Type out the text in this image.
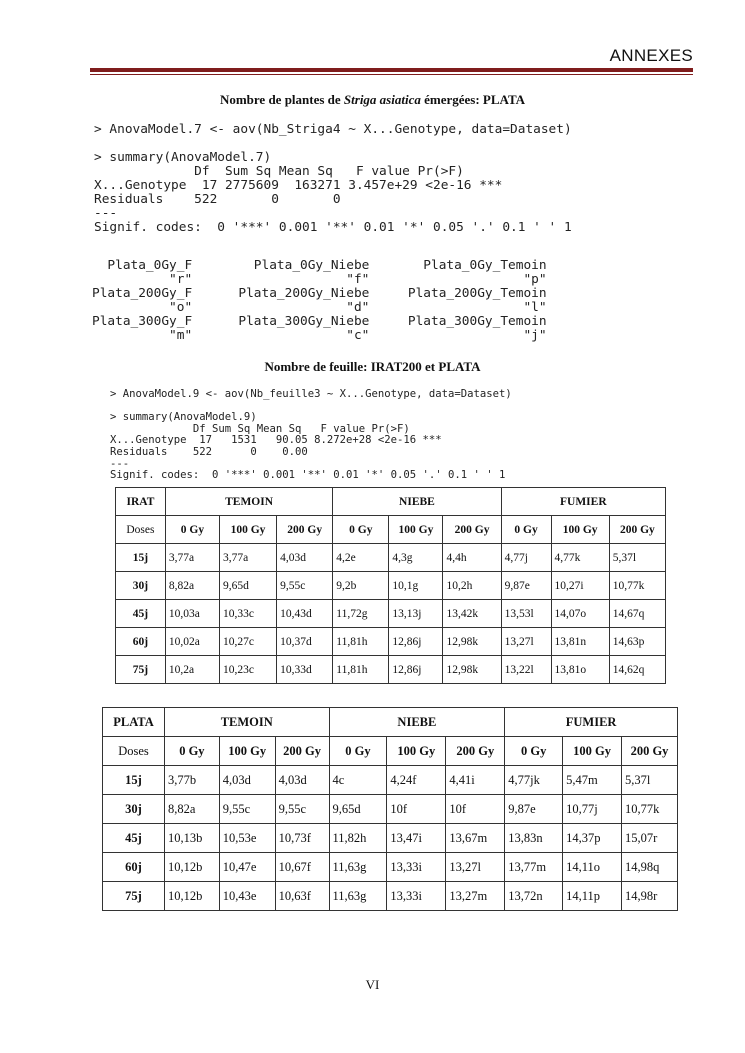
ANNEXES
Nombre de plantes de Striga asiatica émergées: PLATA
> AnovaModel.7 <- aov(Nb_Striga4 ~ X...Genotype, data=Dataset)

> summary(AnovaModel.7)
Df  Sum Sq Mean Sq   F value Pr(>F)
X...Genotype  17 2775609  163271 3.457e+29 <2e-16 ***
Residuals    522       0       0
---
Signif. codes:  0 '***' 0.001 '**' 0.01 '*' 0.05 '.' 0.1 ' ' 1
Plata_0Gy_F        Plata_0Gy_Niebe       Plata_0Gy_Temoin
"r"                    "f"                    "p"
Plata_200Gy_F      Plata_200Gy_Niebe     Plata_200Gy_Temoin
"o"                    "d"                    "l"
Plata_300Gy_F      Plata_300Gy_Niebe     Plata_300Gy_Temoin
"m"                    "c"                    "j"
Nombre de feuille: IRAT200 et PLATA
> AnovaModel.9 <- aov(Nb_feuille3 ~ X...Genotype, data=Dataset)

> summary(AnovaModel.9)
Df Sum Sq Mean Sq   F value Pr(>F)
X...Genotype  17   1531   90.05 8.272e+28 <2e-16 ***
Residuals    522      0    0.00
---
Signif. codes:  0 '***' 0.001 '**' 0.01 '*' 0.05 '.' 0.1 ' ' 1
IRAT	TEMOIN			NIEBE			FUMIER		
Doses	0 Gy	100 Gy	200 Gy	0 Gy	100 Gy	200 Gy	0 Gy	100 Gy	200 Gy
15j	3,77a	3,77a	4,03d	4,2e	4,3g	4,4h	4,77j	4,77k	5,37l
30j	8,82a	9,65d	9,55c	9,2b	10,1g	10,2h	9,87e	10,27i	10,77k
45j	10,03a	10,33c	10,43d	11,72g	13,13j	13,42k	13,53l	14,07o	14,67q
60j	10,02a	10,27c	10,37d	11,81h	12,86j	12,98k	13,27l	13,81n	14,63p
75j	10,2a	10,23c	10,33d	11,81h	12,86j	12,98k	13,22l	13,81o	14,62q
PLATA	TEMOIN			NIEBE			FUMIER		
Doses	0 Gy	100 Gy	200 Gy	0 Gy	100 Gy	200 Gy	0 Gy	100 Gy	200 Gy
15j	3,77b	4,03d	4,03d	4c	4,24f	4,41i	4,77jk	5,47m	5,37l
30j	8,82a	9,55c	9,55c	9,65d	10f	10f	9,87e	10,77j	10,77k
45j	10,13b	10,53e	10,73f	11,82h	13,47i	13,67m	13,83n	14,37p	15,07r
60j	10,12b	10,47e	10,67f	11,63g	13,33i	13,27l	13,77m	14,11o	14,98q
75j	10,12b	10,43e	10,63f	11,63g	13,33i	13,27m	13,72n	14,11p	14,98r
VI
